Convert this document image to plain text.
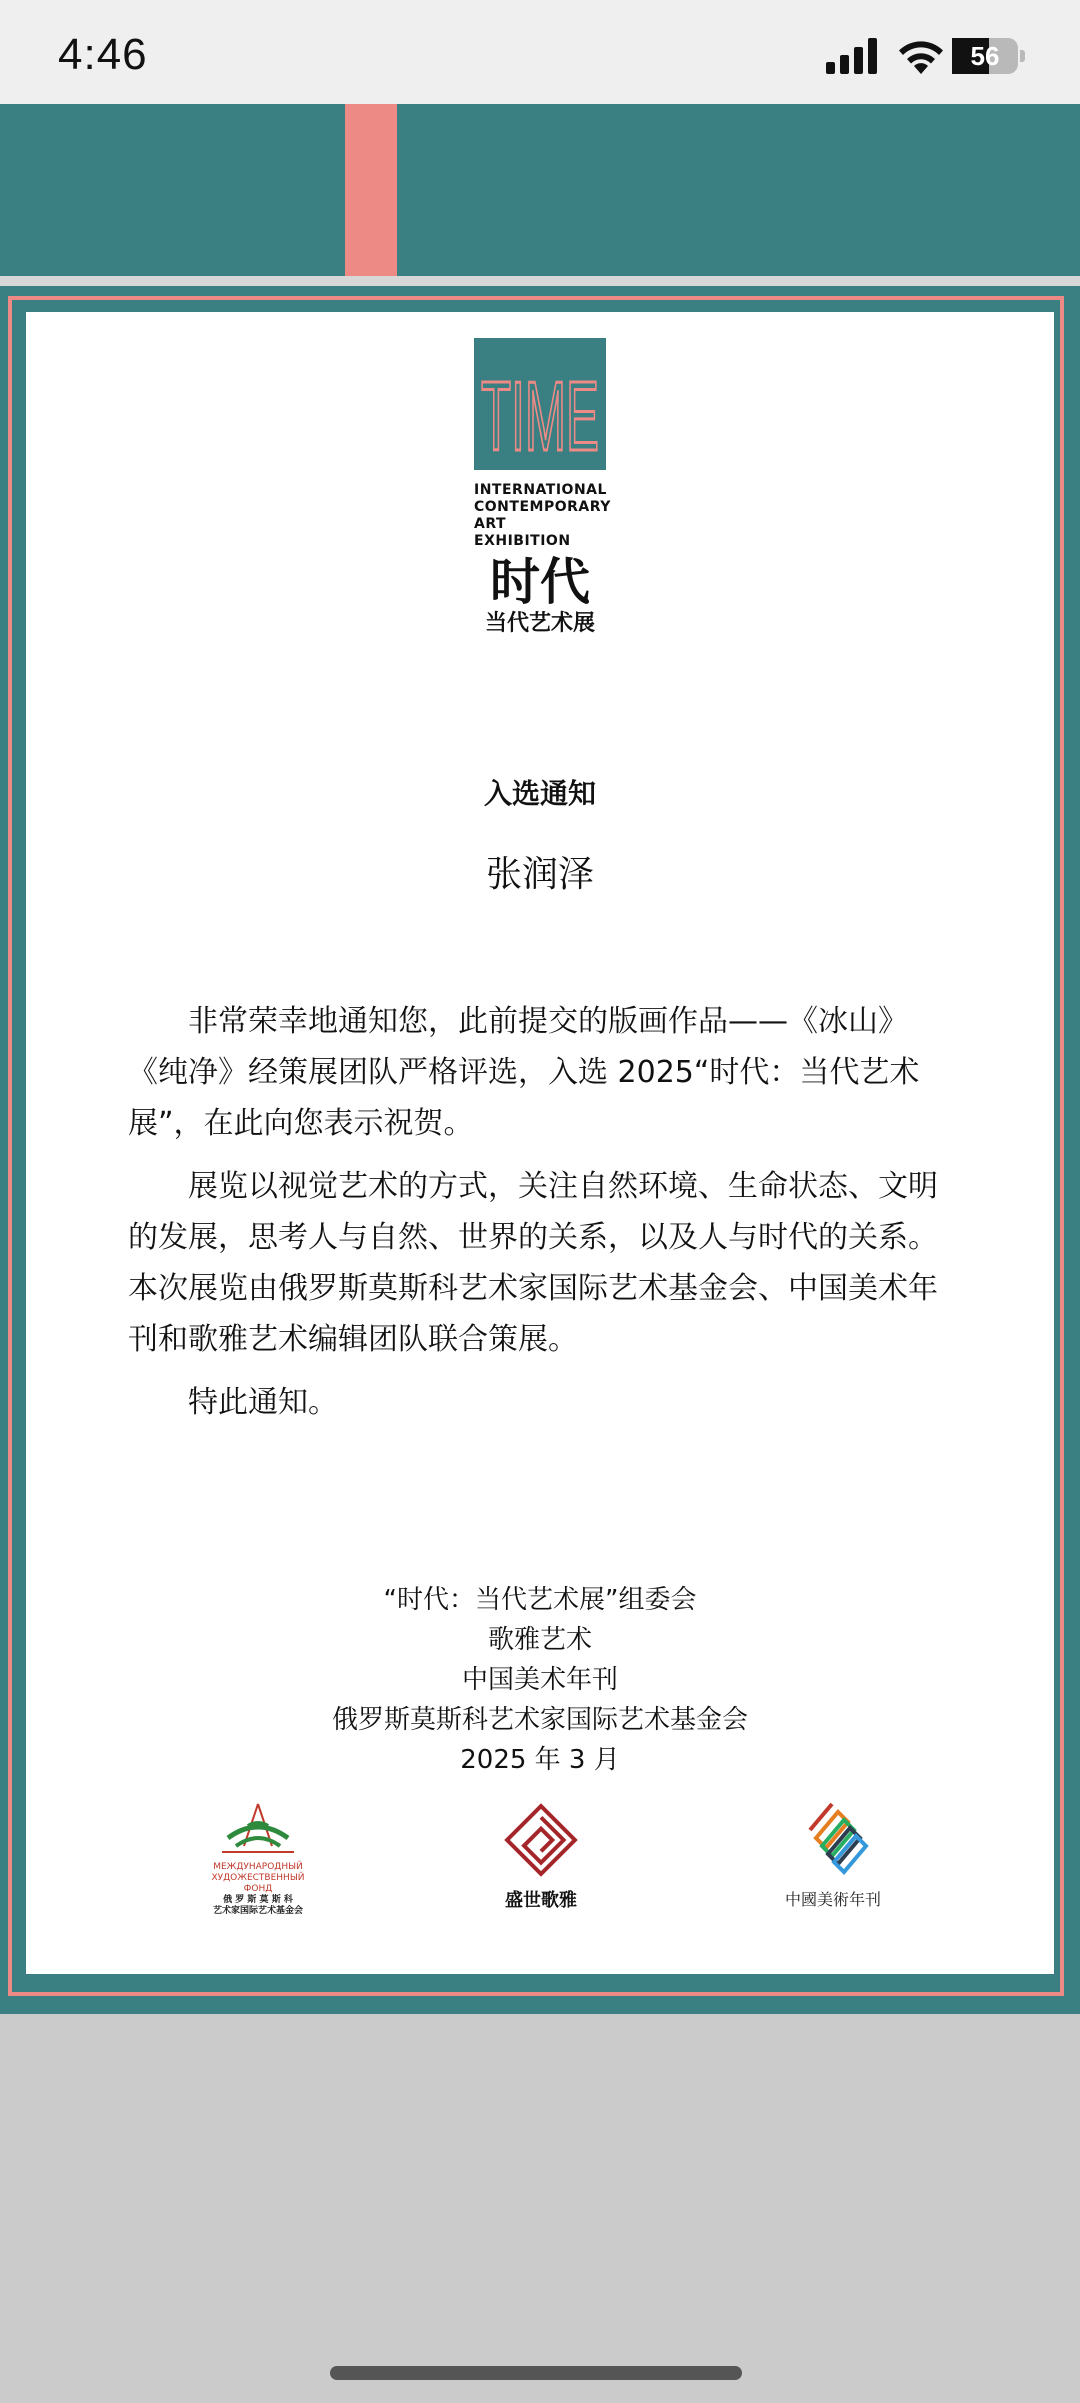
4:46	56
TIME
INTERNATIONAL
CONTEMPORARY
ART EXHIBITION
时代
当代艺术展
入选通知
张润泽

非常荣幸地通知您，此前提交的版画作品——《冰山》《纯净》经策展团队严格评选，入选 2025“时代：当代艺术展”，在此向您表示祝贺。

展览以视觉艺术的方式，关注自然环境、生命状态、文明的发展，思考人与自然、世界的关系，以及人与时代的关系。本次展览由俄罗斯莫斯科艺术家国际艺术基金会、中国美术年刊和歌雅艺术编辑团队联合策展。

特此通知。

“时代：当代艺术展”组委会
歌雅艺术
中国美术年刊
俄罗斯莫斯科艺术家国际艺术基金会
2025 年 3 月
МЕЖДУНАРОДНЫЙ
ХУДОЖЕСТВЕННЫЙ
ФОНД
俄 罗 斯 莫 斯 科
艺术家国际艺术基金会	盛世歌雅	中國美術年刊
